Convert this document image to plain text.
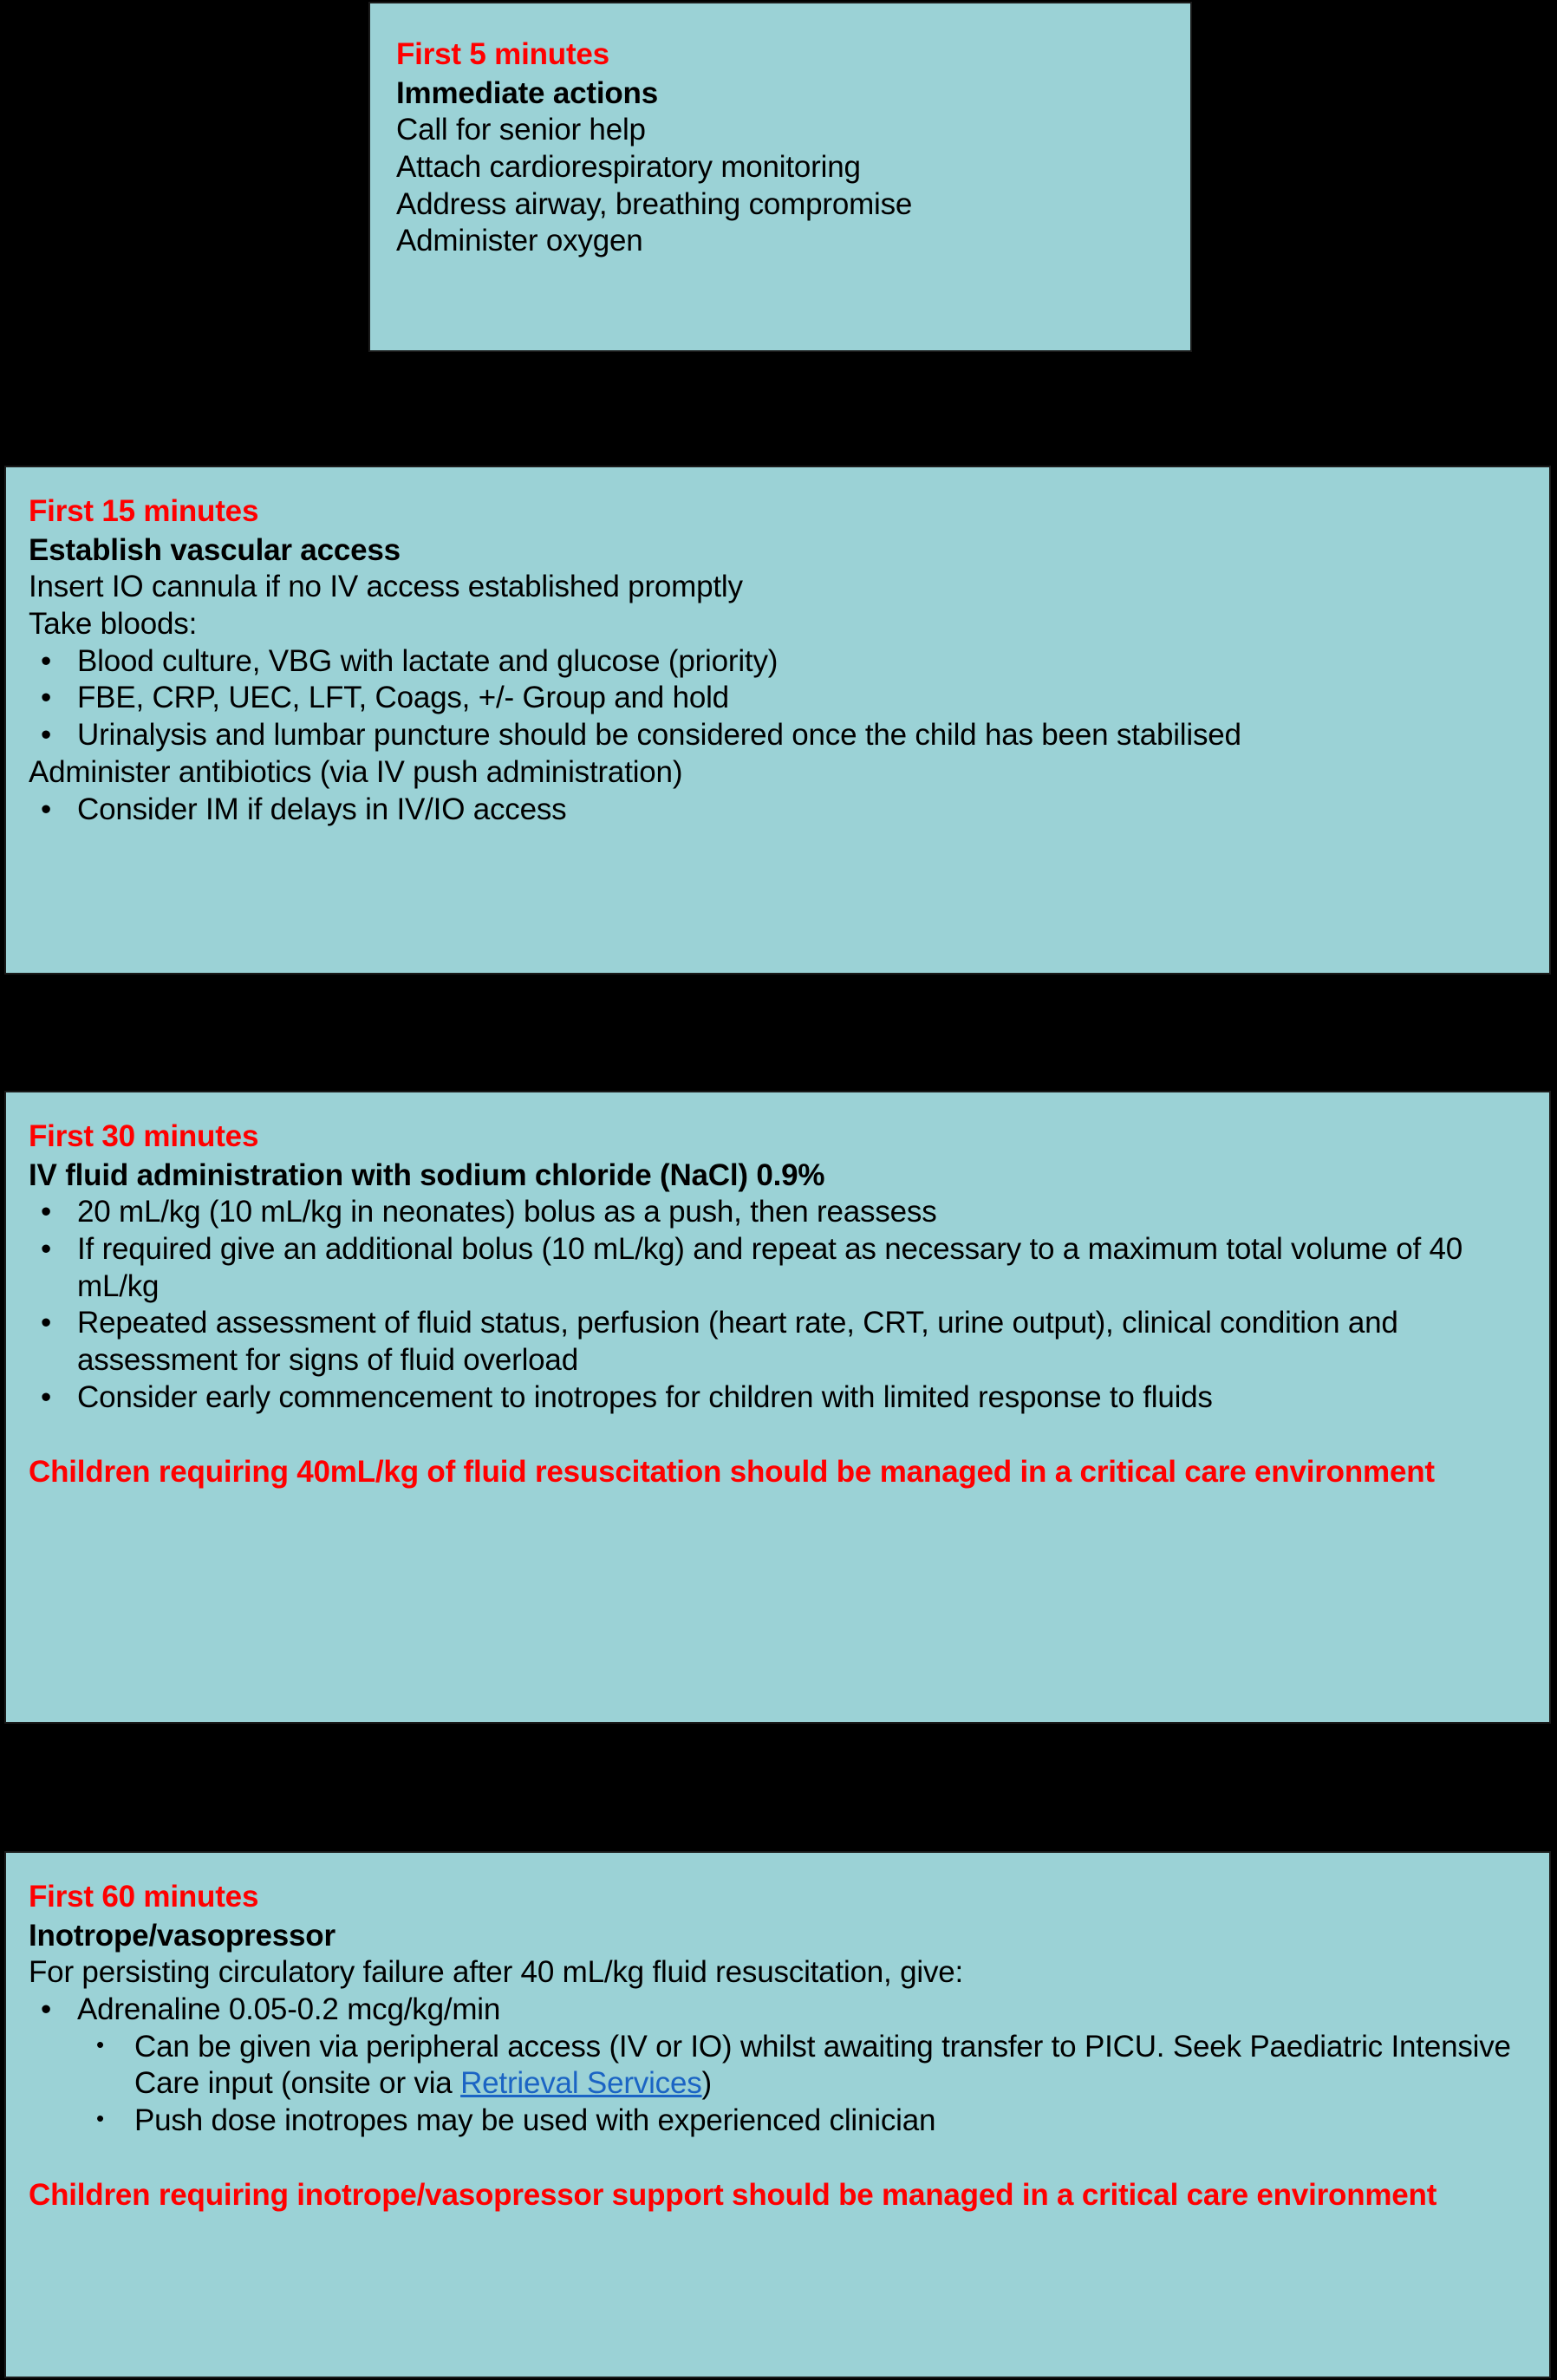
First 5 minutes

Immediate actions

Call for senior help

Attach cardiorespiratory monitoring

Address airway, breathing compromise

Administer oxygen

First 15 minutes

Establish vascular access

Insert IO cannula if no IV access established promptly

Take bloods:

• Blood culture, VBG with lactate and glucose (priority)
• FBE, CRP, UEC, LFT, Coags, +/- Group and hold
• Urinalysis and lumbar puncture should be considered once the child has been stabilised

Administer antibiotics (via IV push administration)

• Consider IM if delays in IV/IO access

First 30 minutes

IV fluid administration with sodium chloride (NaCl) 0.9%

• 20 mL/kg (10 mL/kg in neonates) bolus as a push, then reassess
• If required give an additional bolus (10 mL/kg) and repeat as necessary to a maximum total volume of 40 mL/kg
• Repeated assessment of fluid status, perfusion (heart rate, CRT, urine output), clinical condition and assessment for signs of fluid overload
• Consider early commencement to inotropes for children with limited response to fluids

Children requiring 40mL/kg of fluid resuscitation should be managed in a critical care environment

First 60 minutes

Inotrope/vasopressor

For persisting circulatory failure after 40 mL/kg fluid resuscitation, give:

• Adrenaline 0.05-0.2 mcg/kg/min
• Can be given via peripheral access (IV or IO) whilst awaiting transfer to PICU. Seek Paediatric Intensive Care input (onsite or via Retrieval Services)
• Push dose inotropes may be used with experienced clinician

Children requiring inotrope/vasopressor support should be managed in a critical care environment
